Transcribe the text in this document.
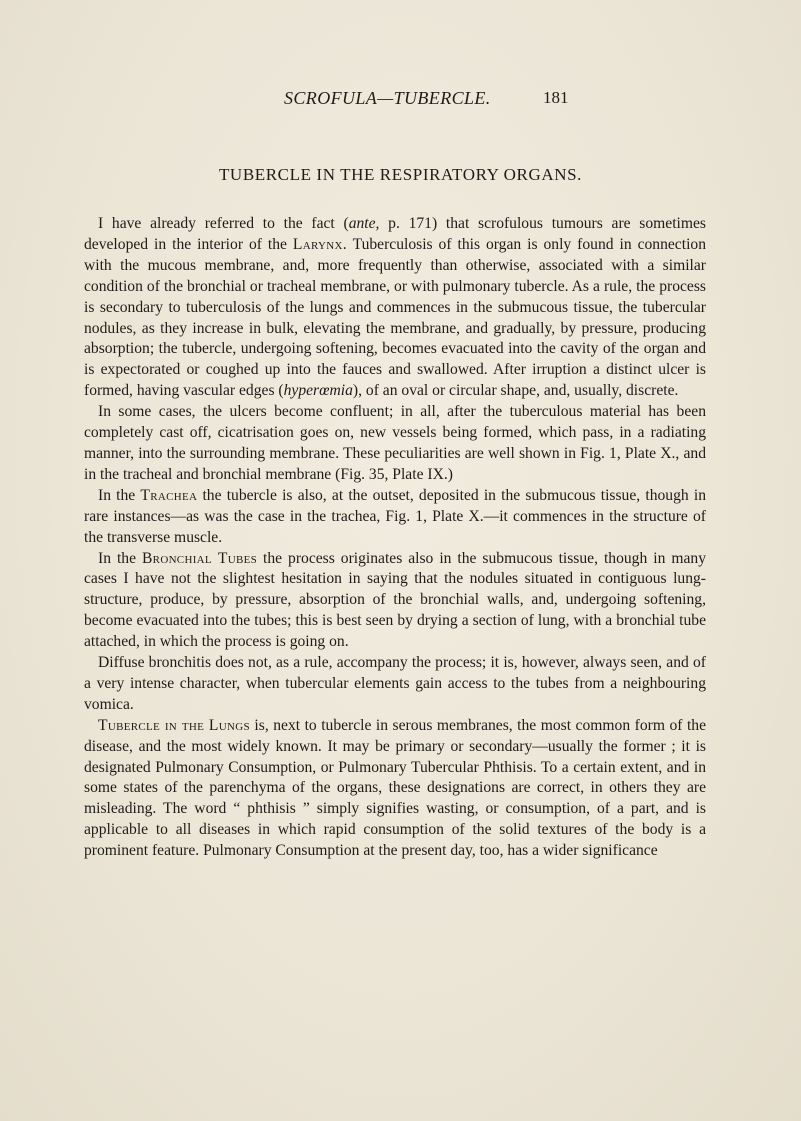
SCROFULA—TUBERCLE.	181
TUBERCLE IN THE RESPIRATORY ORGANS.

I have already referred to the fact (ante, p. 171) that scrofulous tumours are sometimes developed in the interior of the Larynx. Tuberculosis of this organ is only found in connection with the mucous membrane, and, more frequently than otherwise, associated with a similar condition of the bronchial or tracheal membrane, or with pulmonary tubercle. As a rule, the process is secondary to tuberculosis of the lungs and commences in the submucous tissue, the tubercular nodules, as they increase in bulk, elevating the membrane, and gradually, by pressure, producing absorption; the tubercle, undergoing softening, becomes evacuated into the cavity of the organ and is expectorated or coughed up into the fauces and swallowed. After irruption a distinct ulcer is formed, having vascular edges (hyperœmia), of an oval or circular shape, and, usually, discrete.

In some cases, the ulcers become confluent; in all, after the tuberculous material has been completely cast off, cicatrisation goes on, new vessels being formed, which pass, in a radiating manner, into the surrounding membrane. These peculiarities are well shown in Fig. 1, Plate X., and in the tracheal and bronchial membrane (Fig. 35, Plate IX.)

In the Trachea the tubercle is also, at the outset, deposited in the submucous tissue, though in rare instances—as was the case in the trachea, Fig. 1, Plate X.—it commences in the structure of the transverse muscle.

In the Bronchial Tubes the process originates also in the submucous tissue, though in many cases I have not the slightest hesitation in saying that the nodules situated in contiguous lung-structure, produce, by pressure, absorption of the bronchial walls, and, undergoing softening, become evacuated into the tubes; this is best seen by drying a section of lung, with a bronchial tube attached, in which the process is going on.

Diffuse bronchitis does not, as a rule, accompany the process; it is, however, always seen, and of a very intense character, when tubercular elements gain access to the tubes from a neighbouring vomica.

Tubercle in the Lungs is, next to tubercle in serous membranes, the most common form of the disease, and the most widely known. It may be primary or secondary—usually the former ; it is designated Pulmonary Consumption, or Pulmonary Tubercular Phthisis. To a certain extent, and in some states of the parenchyma of the organs, these designations are correct, in others they are misleading. The word “ phthisis ” simply signifies wasting, or consumption, of a part, and is applicable to all diseases in which rapid consumption of the solid textures of the body is a prominent feature. Pulmonary Consumption at the present day, too, has a wider significance
